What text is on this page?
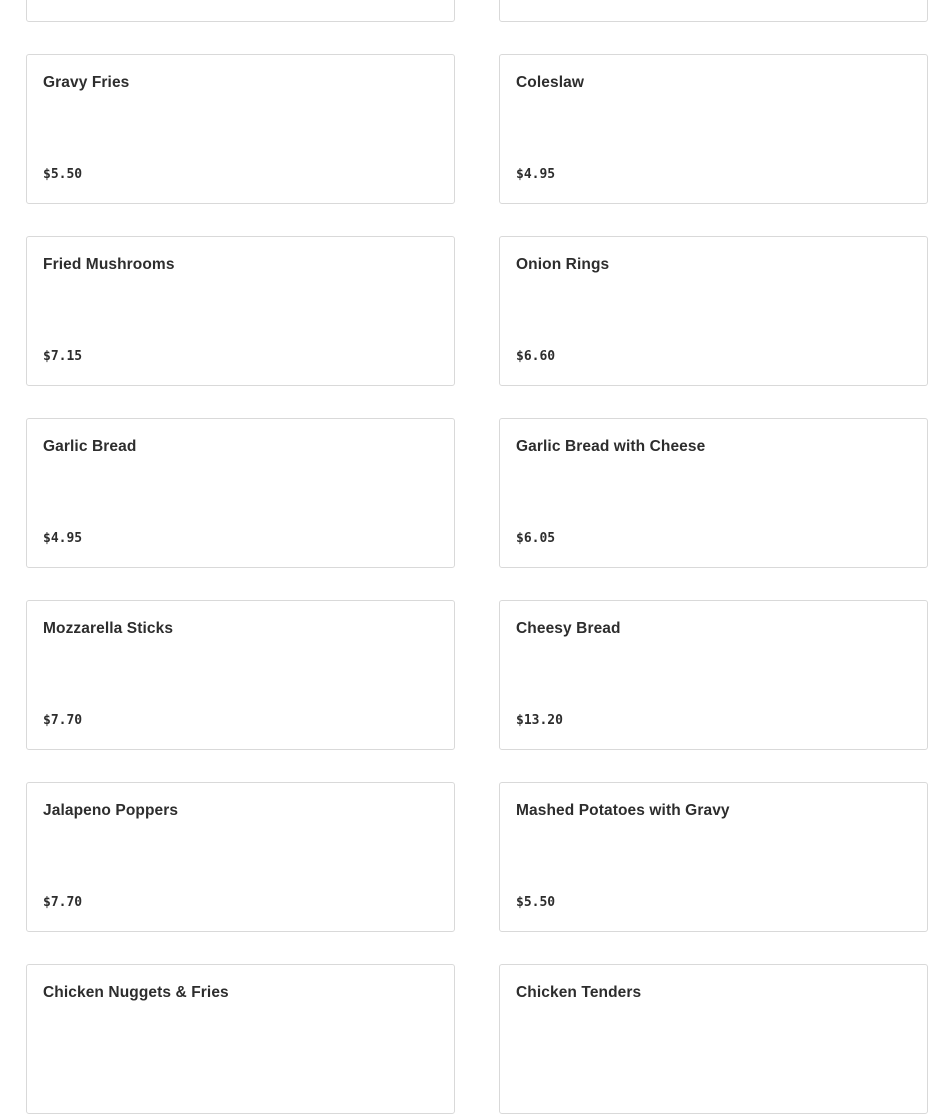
Gravy Fries
$5.50
Coleslaw
$4.95
Fried Mushrooms
$7.15
Onion Rings
$6.60
Garlic Bread
$4.95
Garlic Bread with Cheese
$6.05
Mozzarella Sticks
$7.70
Cheesy Bread
$13.20
Jalapeno Poppers
$7.70
Mashed Potatoes with Gravy
$5.50
Chicken Nuggets & Fries	Chicken Tenders
